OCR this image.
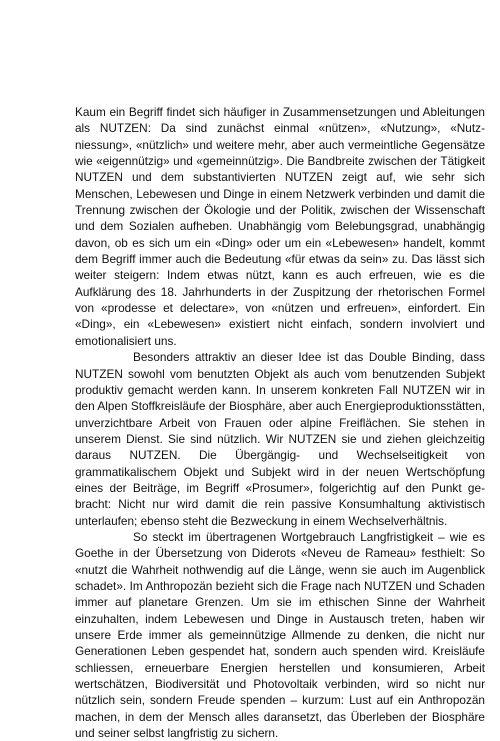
Kaum ein Begriff findet sich häufiger in Zusammensetzungen und Ableitungen als NUTZEN: Da sind zunächst einmal «nützen», «Nutzung», «Nutzniessung», «nützlich» und weitere mehr, aber auch vermeintliche Gegensätze wie «eigennützig» und «gemeinnützig». Die Bandbreite zwischen der Tätigkeit NUTZEN und dem substantivierten NUTZEN zeigt auf, wie sehr sich Menschen, Lebewesen und Dinge in einem Netzwerk verbinden und damit die Trennung zwischen der Ökologie und der Politik, zwischen der Wissenschaft und dem Sozialen aufheben. Unabhängig vom Belebungsgrad, unabhängig davon, ob es sich um ein «Ding» oder um ein «Lebewesen» handelt, kommt dem Begriff immer auch die Bedeutung «für etwas da sein» zu. Das lässt sich weiter steigern: Indem etwas nützt, kann es auch erfreuen, wie es die Aufklärung des 18. Jahrhunderts in der Zuspitzung der rhetorischen Formel von «prodesse et delectare», von «nützen und erfreuen», einfordert. Ein «Ding», ein «Lebewesen» existiert nicht einfach, sondern involviert und emotionalisiert uns.

Besonders attraktiv an dieser Idee ist das Double Binding, dass NUTZEN sowohl vom benutzten Objekt als auch vom benutzenden Subjekt produktiv gemacht werden kann. In unserem konkreten Fall NUTZEN wir in den Alpen Stoffkreisläufe der Biosphäre, aber auch Energieproduktionsstätten, unverzichtbare Arbeit von Frauen oder alpine Freiflächen. Sie stehen in unserem Dienst. Sie sind nützlich. Wir NUTZEN sie und ziehen gleichzeitig daraus NUTZEN. Die Übergängig- und Wechselseitigkeit von grammatikalischem Objekt und Subjekt wird in der neuen Wertschöpfung eines der Beiträge, im Begriff «Prosumer», folgerichtig auf den Punkt gebracht: Nicht nur wird damit die rein passive Konsumhaltung aktivistisch unterlaufen; ebenso steht die Bezweckung in einem Wechselverhältnis.

So steckt im übertragenen Wortgebrauch Langfristigkeit – wie es Goethe in der Übersetzung von Diderots «Neveu de Rameau» festhielt: So «nutzt die Wahrheit nothwendig auf die Länge, wenn sie auch im Augenblick schadet». Im Anthropozän bezieht sich die Frage nach NUTZEN und Schaden immer auf planetare Grenzen. Um sie im ethischen Sinne der Wahrheit einzuhalten, indem Lebewesen und Dinge in Austausch treten, haben wir unsere Erde immer als gemeinnützige Allmende zu denken, die nicht nur Generationen Leben gespendet hat, sondern auch spenden wird. Kreisläufe schliessen, erneuerbare Energien herstellen und konsumieren, Arbeit wertschätzen, Biodiversität und Photovoltaik verbinden, wird so nicht nur nützlich sein, sondern Freude spenden – kurzum: Lust auf ein Anthropozän machen, in dem der Mensch alles daransetzt, das Überleben der Biosphäre und seiner selbst langfristig zu sichern.
